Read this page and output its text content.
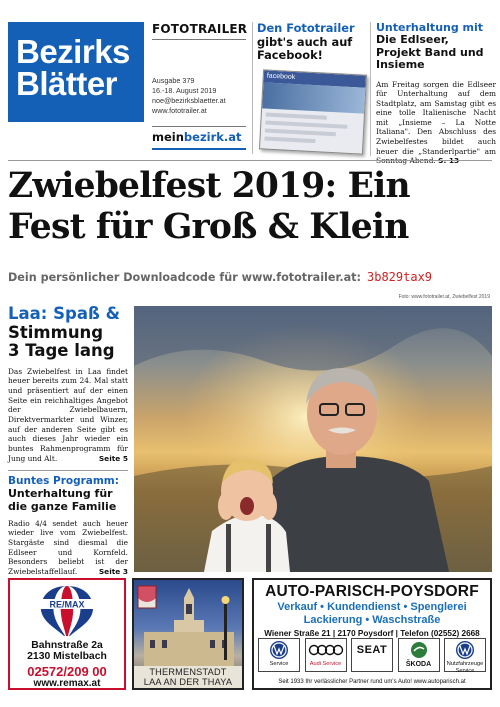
Bezirks
Blätter
FOTOTRAILER
Ausgabe 379
16.-18. August 2019
noe@bezirksblaetter.at
www.fototrailer.at
meinbezirk.at
Den Fototrailer
gibt's auch auf
Facebook!
facebook
Unterhaltung mit
Die Edlseer, Projekt Band und Insieme

Am Freitag sorgen die Edlseer für Unterhaltung auf dem Stadtplatz, am Samstag gibt es eine tolle Italienische Nacht mit „Insieme – La Notte Italiana". Den Abschluss des Zwiebelfestes bildet auch heuer die „Standerlpartie" am

Zwiebelfest 2019: Ein
Fest für Groß & Klein
Dein persönlicher Downloadcode für www.fototrailer.at: 3b829tax9
Foto: www.fototrailer.at, Zwiebelfest 2019
Laa: Spaß &
Stimmung
3 Tage lang

Das Zwiebelfest in Laa findet heuer bereits zum 24. Mal statt und präsentiert auf der einen Seite ein reichhaltiges Angebot der Zwiebelbauern, Direktvermarkter und Winzer, auf der anderen Seite gibt es auch dieses Jahr wieder ein buntes Rahmenprogramm für Jung und Alt.	Seite 5

Buntes Programm:
Unterhaltung für die ganze Familie

Radio 4/4 sendet auch heuer wieder live vom Zwiebelfest. Stargäste sind diesmal die Edlseer und Kornfeld. Besonders beliebt ist der Zwiebelstaffellauf.	Seite 3

RE/MAX
Bahnstraße 2a
2130 Mistelbach
02572/209 00
www.remax.at
THERMENSTADT
LAA AN DER THAYA
AUTO-PARISCH-POYSDORF
Verkauf • Kundendienst • Spenglerei
Lackierung • Waschstraße
Wiener Straße 21 | 2170 Poysdorf | Telefon (02552) 2668
Service	Audi Service
SEAT
ŠKODA	Nutzfahrzeuge Service
Seit 1933 Ihr verlässlicher Partner rund um's Auto! www.autoparisch.at
